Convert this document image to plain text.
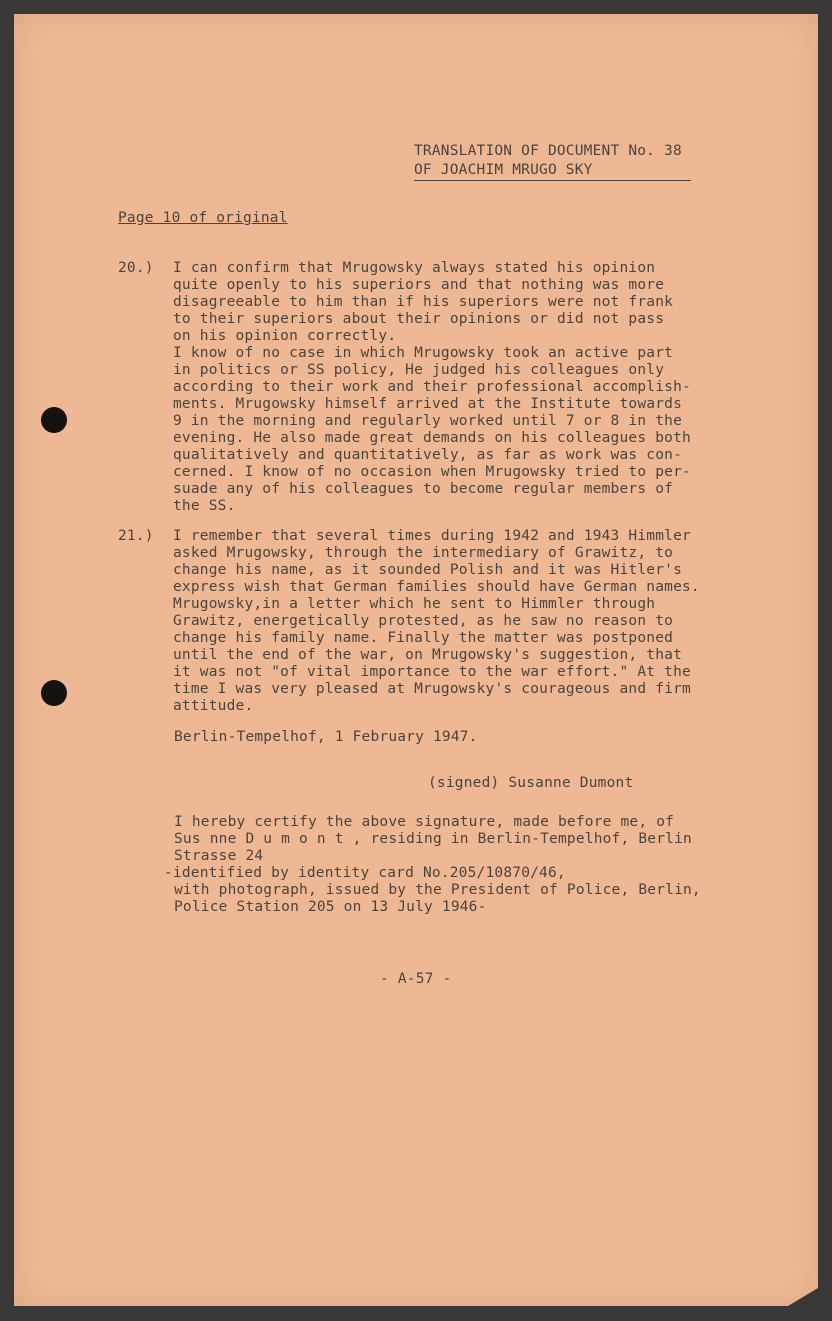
TRANSLATION OF DOCUMENT No. 38
OF JOACHIM MRUGO SKY
Page 10 of original
20.) I can confirm that Mrugowsky always stated his opinion
quite openly to his superiors and that nothing was more
disagreeable to him than if his superiors were not frank
to their superiors about their opinions or did not pass
on his opinion correctly.
I know of no case in which Mrugowsky took an active part
in politics or SS policy, He judged his colleagues only
according to their work and their professional accomplish-
ments. Mrugowsky himself arrived at the Institute towards
9 in the morning and regularly worked until 7 or 8 in the
evening. He also made great demands on his colleagues both
qualitatively and quantitatively, as far as work was con-
cerned. I know of no occasion when Mrugowsky tried to per-
suade any of his colleagues to become regular members of
the SS.
21.) I remember that several times during 1942 and 1943 Himmler
asked Mrugowsky, through the intermediary of Grawitz, to
change his name, as it sounded Polish and it was Hitler's
express wish that German families should have German names.
Mrugowsky,in a letter which he sent to Himmler through
Grawitz, energetically protested, as he saw no reason to
change his family name. Finally the matter was postponed
until the end of the war, on Mrugowsky's suggestion, that
it was not "of vital importance to the war effort." At the
time I was very pleased at Mrugowsky's courageous and firm
attitude.
Berlin-Tempelhof, 1 February 1947.
(signed) Susanne Dumont
I hereby certify the above signature, made before me, of
Sus nne D u m o n t , residing in Berlin-Tempelhof, Berlin
Strasse 24
-identified by identity card No.205/10870/46,
with photograph, issued by the President of Police, Berlin,
Police Station 205 on 13 July 1946-
- A-57 -
